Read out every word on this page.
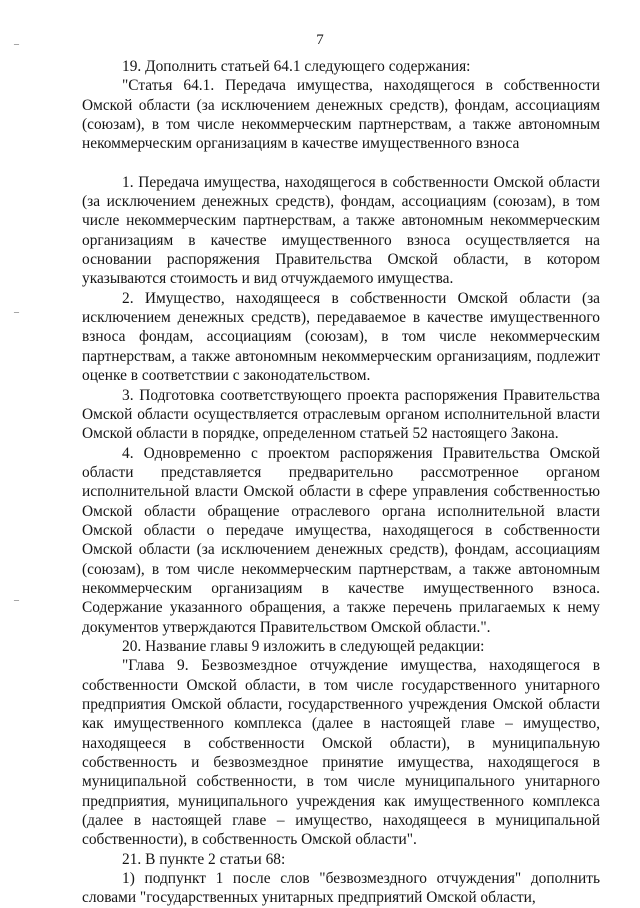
–
–
–
7

19. Дополнить статьей 64.1 следующего содержания:

"Статья 64.1. Передача имущества, находящегося в собственности Омской области (за исключением денежных средств), фондам, ассоциациям (союзам), в том числе некоммерческим партнерствам, а также автономным некоммерческим организациям в качестве имущественного взноса

1. Передача имущества, находящегося в собственности Омской области (за исключением денежных средств), фондам, ассоциациям (союзам), в том числе некоммерческим партнерствам, а также автономным некоммерческим организациям в качестве имущественного взноса осуществляется на основании распоряжения Правительства Омской области, в котором указываются стоимость и вид отчуждаемого имущества.

2. Имущество, находящееся в собственности Омской области (за исключением денежных средств), передаваемое в качестве имущественного взноса фондам, ассоциациям (союзам), в том числе некоммерческим партнерствам, а также автономным некоммерческим организациям, подлежит оценке в соответствии с законодательством.

3. Подготовка соответствующего проекта распоряжения Правительства Омской области осуществляется отраслевым органом исполнительной власти Омской области в порядке, определенном статьей 52 настоящего Закона.

4. Одновременно с проектом распоряжения Правительства Омской области представляется предварительно рассмотренное органом исполнительной власти Омской области в сфере управления собственностью Омской области обращение отраслевого органа исполнительной власти Омской области о передаче имущества, находящегося в собственности Омской области (за исключением денежных средств), фондам, ассоциациям (союзам), в том числе некоммерческим партнерствам, а также автономным некоммерческим организациям в качестве имущественного взноса. Содержание указанного обращения, а также перечень прилагаемых к нему документов утверждаются Правительством Омской области.".

20. Название главы 9 изложить в следующей редакции:

"Глава 9. Безвозмездное отчуждение имущества, находящегося в собственности Омской области, в том числе государственного унитарного предприятия Омской области, государственного учреждения Омской области как имущественного комплекса (далее в настоящей главе – имущество, находящееся в собственности Омской области), в муниципальную собственность и безвозмездное принятие имущества, находящегося в муниципальной собственности, в том числе муниципального унитарного предприятия, муниципального учреждения как имущественного комплекса (далее в настоящей главе – имущество, находящееся в муниципальной собственности), в собственность Омской области".

21. В пункте 2 статьи 68:

1) подпункт 1 после слов "безвозмездного отчуждения" дополнить словами "государственных унитарных предприятий Омской области,
